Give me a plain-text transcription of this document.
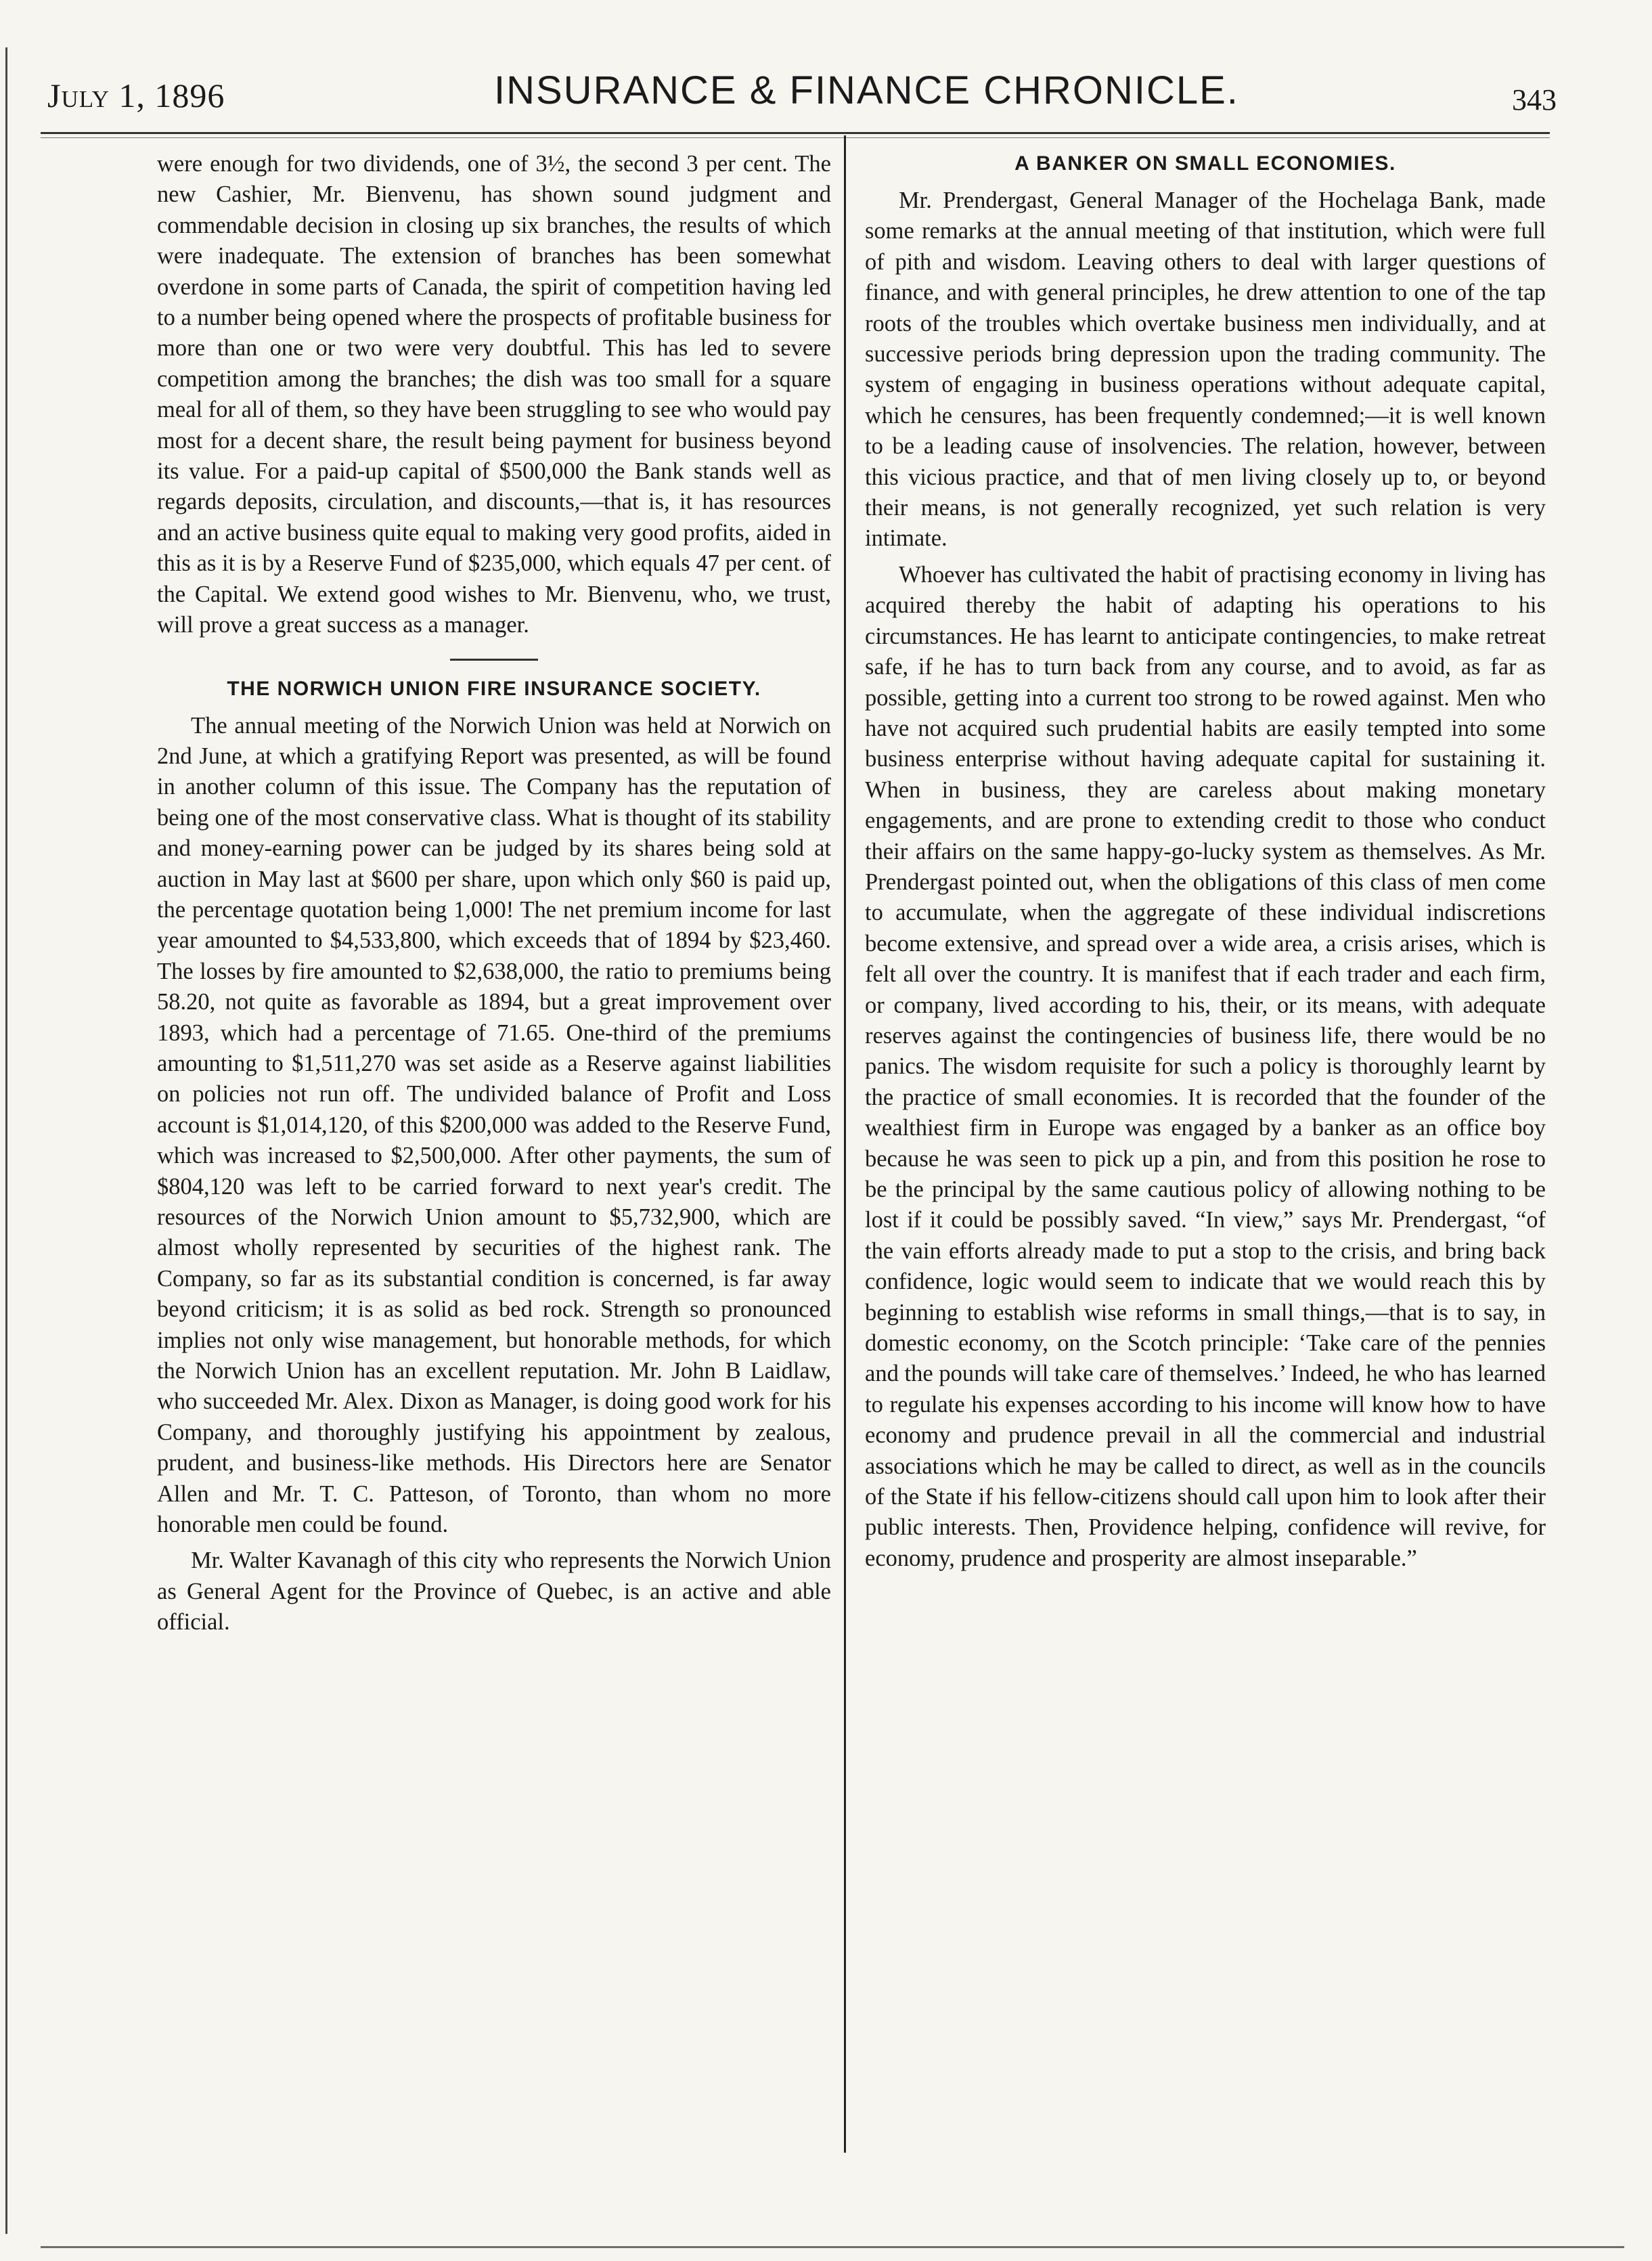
July 1, 1896	INSURANCE & FINANCE CHRONICLE.	343

were enough for two dividends, one of 3½, the second 3 per cent. The new Cashier, Mr. Bienvenu, has shown sound judgment and commendable decision in closing up six branches, the results of which were inadequate. The extension of branches has been somewhat overdone in some parts of Canada, the spirit of competition having led to a number being opened where the prospects of profitable business for more than one or two were very doubtful. This has led to severe competition among the branches; the dish was too small for a square meal for all of them, so they have been struggling to see who would pay most for a decent share, the result being payment for business beyond its value. For a paid-up capital of $500,000 the Bank stands well as regards deposits, circulation, and discounts,—that is, it has resources and an active business quite equal to making very good profits, aided in this as it is by a Reserve Fund of $235,000, which equals 47 per cent. of the Capital. We extend good wishes to Mr. Bienvenu, who, we trust, will prove a great success as a manager.

THE NORWICH UNION FIRE INSURANCE SOCIETY.

The annual meeting of the Norwich Union was held at Norwich on 2nd June, at which a gratifying Report was presented, as will be found in another column of this issue. The Company has the reputation of being one of the most conservative class. What is thought of its stability and money-earning power can be judged by its shares being sold at auction in May last at $600 per share, upon which only $60 is paid up, the percentage quotation being 1,000! The net premium income for last year amounted to $4,533,800, which exceeds that of 1894 by $23,460. The losses by fire amounted to $2,638,000, the ratio to premiums being 58.20, not quite as favorable as 1894, but a great improvement over 1893, which had a percentage of 71.65. One-third of the premiums amounting to $1,511,270 was set aside as a Reserve against liabilities on policies not run off. The undivided balance of Profit and Loss account is $1,014,120, of this $200,000 was added to the Reserve Fund, which was increased to $2,500,000. After other payments, the sum of $804,120 was left to be carried forward to next year's credit. The resources of the Norwich Union amount to $5,732,900, which are almost wholly represented by securities of the highest rank. The Company, so far as its substantial condition is concerned, is far away beyond criticism; it is as solid as bed rock. Strength so pronounced implies not only wise management, but honorable methods, for which the Norwich Union has an excellent reputation. Mr. John B Laidlaw, who succeeded Mr. Alex. Dixon as Manager, is doing good work for his Company, and thoroughly justifying his appointment by zealous, prudent, and business-like methods. His Directors here are Senator Allen and Mr. T. C. Patteson, of Toronto, than whom no more honorable men could be found.

Mr. Walter Kavanagh of this city who represents the Norwich Union as General Agent for the Province of Quebec, is an active and able official.

A BANKER ON SMALL ECONOMIES.

Mr. Prendergast, General Manager of the Hochelaga Bank, made some remarks at the annual meeting of that institution, which were full of pith and wisdom. Leaving others to deal with larger questions of finance, and with general principles, he drew attention to one of the tap roots of the troubles which overtake business men individually, and at successive periods bring depression upon the trading community. The system of engaging in business operations without adequate capital, which he censures, has been frequently condemned;—it is well known to be a leading cause of insolvencies. The relation, however, between this vicious practice, and that of men living closely up to, or beyond their means, is not generally recognized, yet such relation is very intimate.

Whoever has cultivated the habit of practising economy in living has acquired thereby the habit of adapting his operations to his circumstances. He has learnt to anticipate contingencies, to make retreat safe, if he has to turn back from any course, and to avoid, as far as possible, getting into a current too strong to be rowed against. Men who have not acquired such prudential habits are easily tempted into some business enterprise without having adequate capital for sustaining it. When in business, they are careless about making monetary engagements, and are prone to extending credit to those who conduct their affairs on the same happy-go-lucky system as themselves. As Mr. Prendergast pointed out, when the obligations of this class of men come to accumulate, when the aggregate of these individual indiscretions become extensive, and spread over a wide area, a crisis arises, which is felt all over the country. It is manifest that if each trader and each firm, or company, lived according to his, their, or its means, with adequate reserves against the contingencies of business life, there would be no panics. The wisdom requisite for such a policy is thoroughly learnt by the practice of small economies. It is recorded that the founder of the wealthiest firm in Europe was engaged by a banker as an office boy because he was seen to pick up a pin, and from this position he rose to be the principal by the same cautious policy of allowing nothing to be lost if it could be possibly saved. “In view,” says Mr. Prendergast, “of the vain efforts already made to put a stop to the crisis, and bring back confidence, logic would seem to indicate that we would reach this by beginning to establish wise reforms in small things,—that is to say, in domestic economy, on the Scotch principle: ‘Take care of the pennies and the pounds will take care of themselves.’ Indeed, he who has learned to regulate his expenses according to his income will know how to have economy and prudence prevail in all the commercial and industrial associations which he may be called to direct, as well as in the councils of the State if his fellow-citizens should call upon him to look after their public interests. Then, Providence helping, confidence will revive, for economy, prudence and prosperity are almost inseparable.”
